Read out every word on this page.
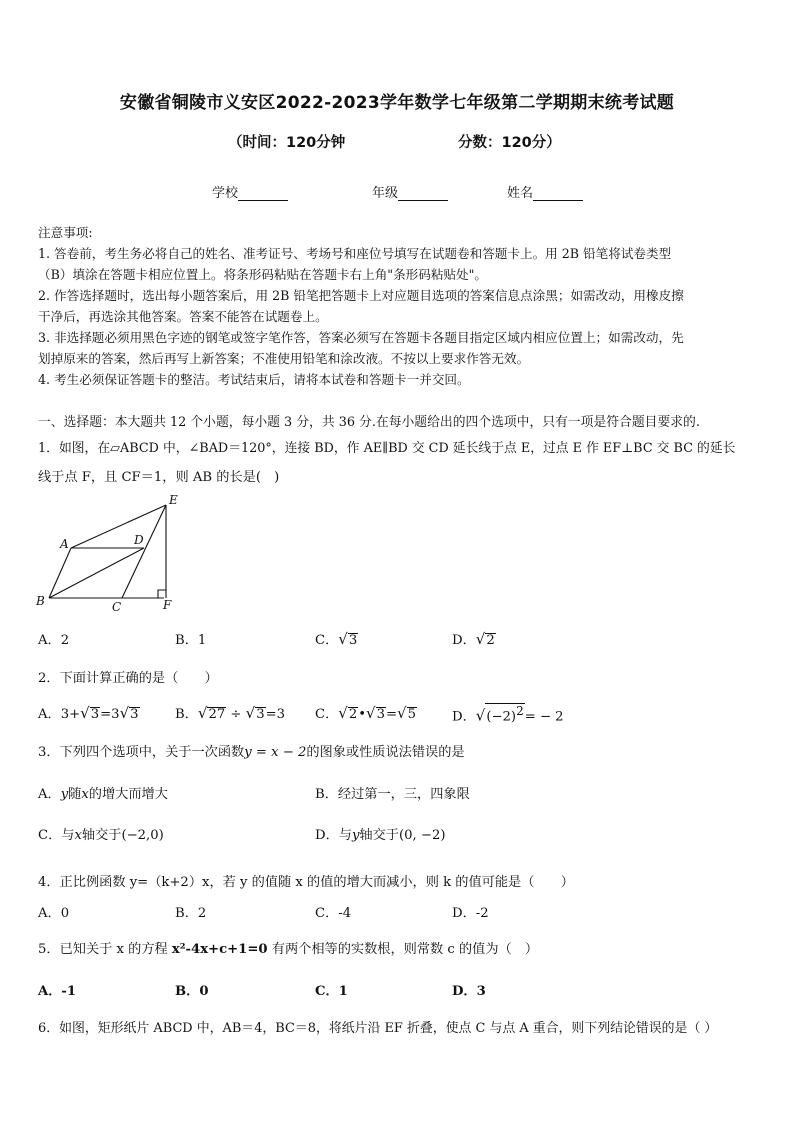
安徽省铜陵市义安区2022-2023学年数学七年级第二学期期末统考试题
（时间：120分钟	分数：120分）
学校	年级	姓名
注意事项:
1. 答卷前，考生务必将自己的姓名、准考证号、考场号和座位号填写在试题卷和答题卡上。用 2B 铅笔将试卷类型
（B）填涂在答题卡相应位置上。将条形码粘贴在答题卡右上角"条形码粘贴处"。
2. 作答选择题时，选出每小题答案后，用 2B 铅笔把答题卡上对应题目选项的答案信息点涂黑；如需改动，用橡皮擦
干净后，再选涂其他答案。答案不能答在试题卷上。
3. 非选择题必须用黑色字迹的钢笔或签字笔作答，答案必须写在答题卡各题目指定区域内相应位置上；如需改动，先
划掉原来的答案，然后再写上新答案；不准使用铅笔和涂改液。不按以上要求作答无效。
4. 考生必须保证答题卡的整洁。考试结束后，请将本试卷和答题卡一并交回。
一、选择题：本大题共 12 个小题，每小题 3 分，共 36 分.在每小题给出的四个选项中，只有一项是符合题目要求的.
1．如图，在▱ABCD 中，∠BAD＝120°，连接 BD，作 AE∥BD 交 CD 延长线于点 E，过点 E 作 EF⊥BC 交 BC 的延长
线于点 F，且 CF＝1，则 AB 的长是(　)
A
B	C
D
E
F
A．2	B．1	C．√3	D．√2
2．下面计算正确的是（　　）
A．3+√3=3√3	B．√27 ÷ √3=3 C．√2•√3=√5	D．$√(-2)^2= - 2$
3．下列四个选项中，关于一次函数y = x − 2的图象或性质说法错误的是
A．y随x的增大而增大	B．经过第一，三，四象限
C．与x轴交于(−2,0)	D．与y轴交于(0, −2)
4．正比例函数 y=（k+2）x，若 y 的值随 x 的值的增大而减小，则 k 的值可能是（　　）
A．0	B．2	C．-4	D．-2
5．已知关于 x 的方程 x²-4x+c+1=0 有两个相等的实数根，则常数 c 的值为（　）
A．-1	B．0	C．1	D．3
6．如图，矩形纸片 ABCD 中，AB＝4，BC＝8，将纸片沿 EF 折叠，使点 C 与点 A 重合，则下列结论错误的是（ ）
